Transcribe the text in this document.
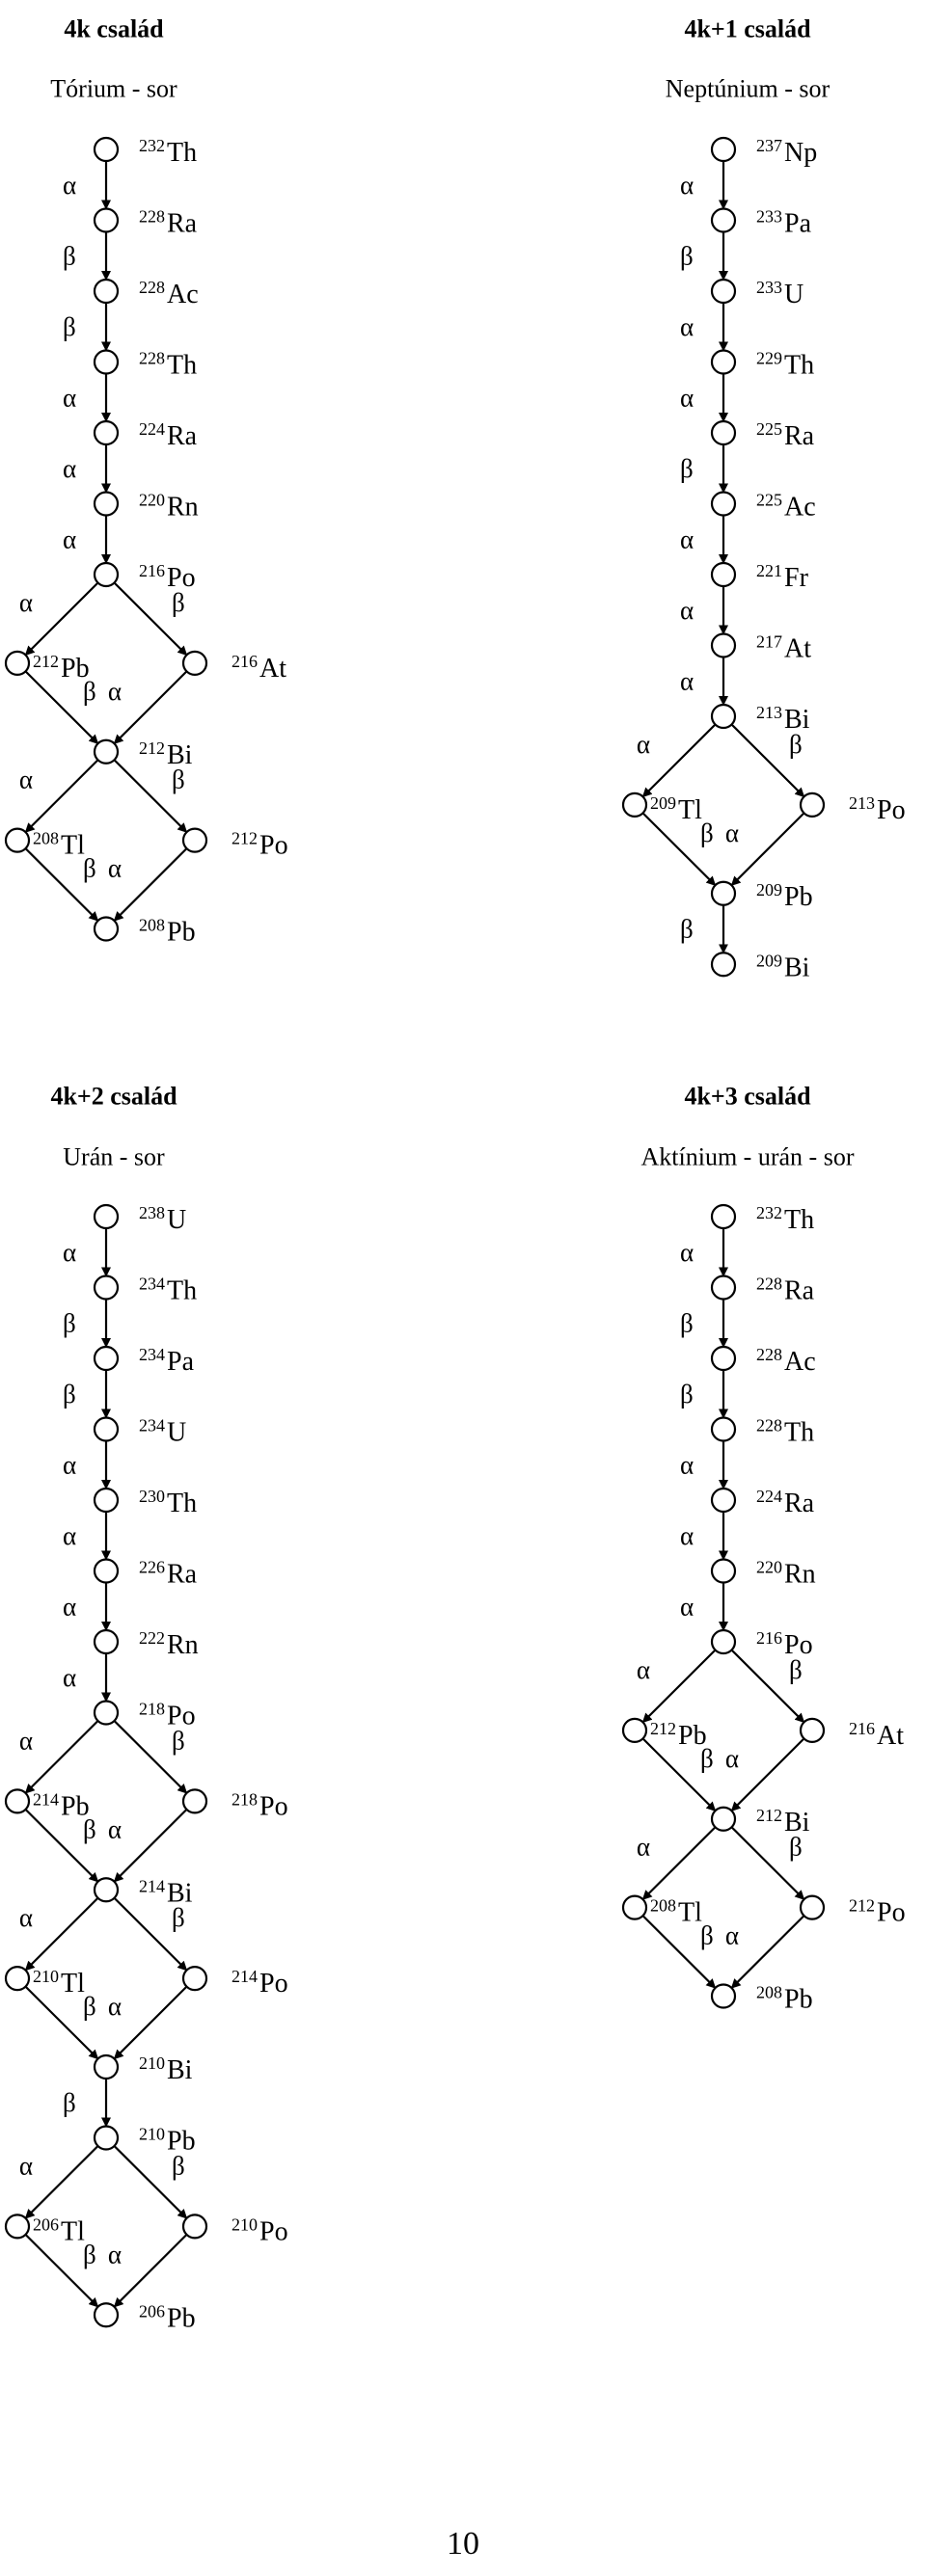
4k család
Tórium - sor
α
β
β
α
α
α
α	β
β α
α	β
β α
$^{232}$Th
$^{228}$Ra
$^{228}$Ac
$^{228}$Th
$^{224}$Ra
$^{220}$Rn
$^{216}$Po
$^{212}$Pb	$^{216}$At
$^{212}$Bi
$^{208}$Tl	$^{212}$Po
$^{208}$Pb
4k+1 család
Neptúnium - sor
α
β
α
α
β
α
α
α
α	β
β α
β
$^{237}$Np
$^{233}$Pa
$^{233}$U
$^{229}$Th
$^{225}$Ra
$^{225}$Ac
$^{221}$Fr
$^{217}$At
$^{213}$Bi
$^{209}$Tl	$^{213}$Po
$^{209}$Pb
$^{209}$Bi
4k+2 család
Urán - sor
α
β
β
α
α
α
α
α	β
β α
α	β
β α
β
α	β
β α
$^{238}$U
$^{234}$Th
$^{234}$Pa
$^{234}$U
$^{230}$Th
$^{226}$Ra
$^{222}$Rn
$^{218}$Po
$^{214}$Pb	$^{218}$Po
$^{214}$Bi
$^{210}$Tl	$^{214}$Po
$^{210}$Bi
$^{210}$Pb
$^{206}$Tl	$^{210}$Po
$^{206}$Pb
4k+3 család
Aktínium - urán - sor
α
β
β
α
α
α
α	β
β α
α	β
β α
$^{232}$Th
$^{228}$Ra
$^{228}$Ac
$^{228}$Th
$^{224}$Ra
$^{220}$Rn
$^{216}$Po
$^{212}$Pb	$^{216}$At
$^{212}$Bi
$^{208}$Tl	$^{212}$Po
$^{208}$Pb
10
